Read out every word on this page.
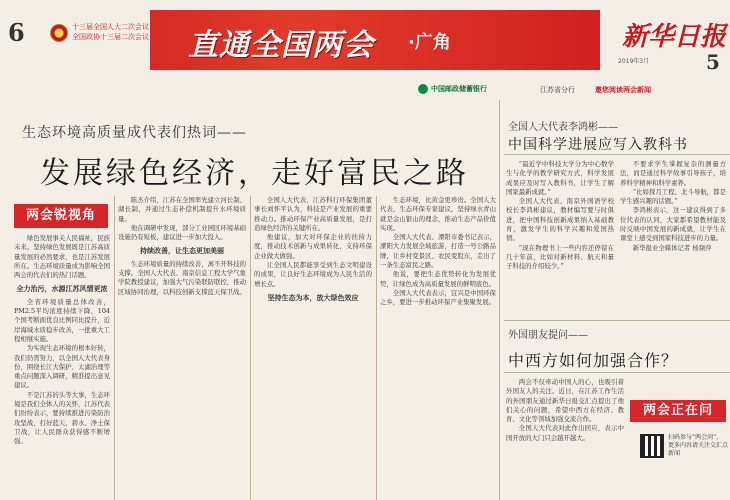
6	十三届全国人大二次会议
全国政协十三届二次会议 直通全国两会 ·广角	新华日报
2019年3月	5
中国邮政储蓄银行	江苏省分行	邀您阅读两会新闻
生态环境高质量成代表们热词——
发展绿色经济，走好富民之路
两会锐视角

绿色发展事关人民福祉，民族未来。坚持绿色发展既是江苏高质量发展的必然要求，也是江苏发展所在。生态环境质量成为影响全国两会的代表们的热门话题。

全力治污，水源江苏风情更浓

全省环境质量总体改善，PM2.5平均浓度持续下降，104个国考断面优良比例同比提升，近岸海域水质稳步改善，一批重大工程相继实施。

为实现生态环境的根本好转，我们仍需努力，以全国人大代表身份，围绕长江大保护、太湖治理等重点问题深入调研，精准提出意见建议。

不是江苏的头等大事，生态环境是我们全体人的关怀，江苏代表们纷纷表示，要持续推进污染防治攻坚战，打好蓝天、碧水、净土保卫战，让人民群众获得感不断增强。

陈杰介绍，江苏在全国率先建立河长制、湖长制，并通过生态补偿机制提升水环境质量。

他在调研中发现，部分工业园区环境基础设施仍有短板，建议进一步加大投入。

持续改善，让生态更加美丽

生态环境质量的持续改善，离不开科技的支撑。全国人大代表、南京信息工程大学气象学院教授建议，加强大气污染联防联控，推动区域协同治理，以科技创新支撑蓝天保卫战。

全国人大代表、江苏科行环保集团董事长刘怀平认为，科技是产业发展的重要推动力。推动环保产业高质量发展，是打造绿色经济的关键所在。

他建议，加大对环保企业的扶持力度，推动技术创新与成果转化，支持环保企业做大做强。

让全国人民都能享受到生态文明建设的成果，让良好生态环境成为人民生活的增长点。

坚持生态为本，放大绿色效应

生态环境，比黄金更珍贵。全国人大代表、生态环保专家建议，坚持绿水青山就是金山银山的理念，推动生态产品价值实现。

全国人大代表、溧阳市委书记表示，溧阳大力发展全域旅游，打造一号公路品牌，让乡村变景区、农民变股东，走出了一条生态富民之路。

他说，要把生态优势转化为发展优势，让绿色成为高质量发展的鲜明底色。

全国人大代表表示，宜兴是中国环保之乡，要进一步推动环保产业集聚发展。

全国人大代表李鸿彬——
中国科学进展应写入教科书

“最近学中科技大学分为中心数学生与化学的教学研究方式，科学发展成果应及时写入教科书，让学生了解国家最新成就。”

全国人大代表、南京外国语学校校长李鸿彬建议，教材编写要与时俱进，把中国科技创新成果纳入基础教育，激发学生的科学兴趣和爱国热情。

“现在物理书上一些内容还停留在几十年前，比如对新材料、航天和量子科技的介绍较少。”

不要求学生掌握复杂的测量方法，而是通过科学故事引导孩子，培养科学精神和科学素养。

“比如探月工程、北斗导航，都是学生感兴趣的话题。”

李鸿彬表示，这一建议得到了多位代表的认同，大家都希望教材能及时反映中国发展的新成就，让学生在课堂上感受到国家科技进步的力量。

新华报业全媒体记者 杨频萍

外国朋友提问——
中西方如何加强合作？

两会不仅牵动中国人的心，也吸引着外国友人的关注。近日，在江苏工作生活的外国朋友通过新华日报交汇点提出了他们关心的问题，希望中西方在经济、教育、文化等领域加强交流合作。

全国人大代表对此作出回应，表示中国开放的大门只会越开越大。

两会正在问
扫码参与“两会问”，更多内容请关注交汇点新闻
